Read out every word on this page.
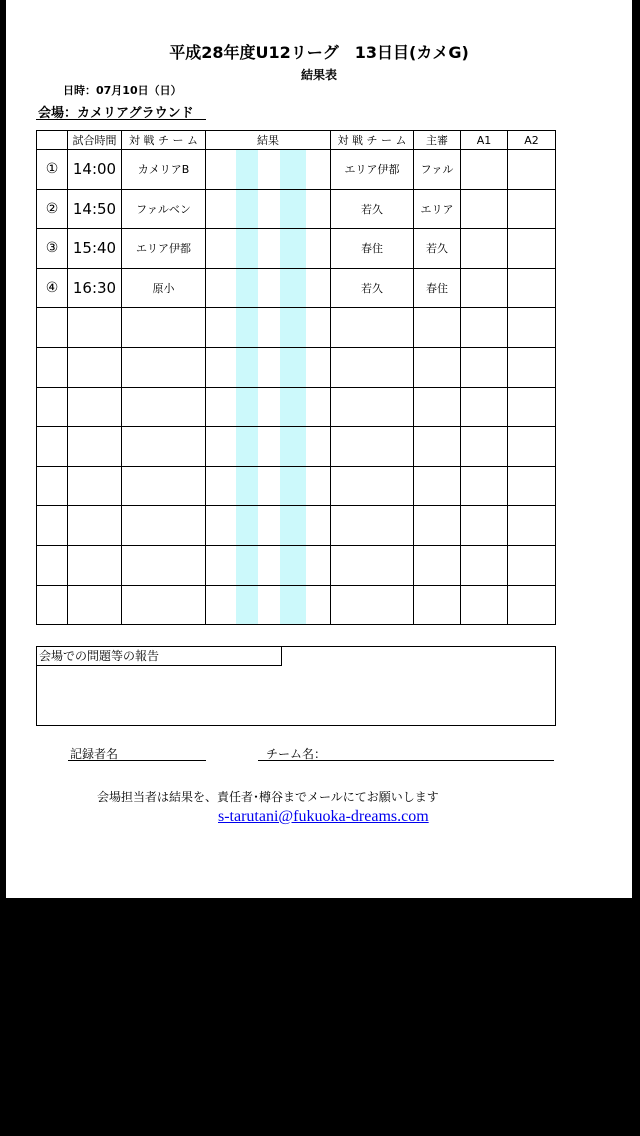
平成28年度U12リーグ　13日目(カメG)
結果表
日時：07月10日（日）
会場：カメリアグラウンド
	試合時間	対 戦 チ ー ム	結果	対 戦 チ ー ム	主審	A1	A2
①	14:00	カメリアB		エリア伊都	ファル		
②	14:50	ファルベン		若久	エリア		
③	15:40	エリア伊都		春住	若久		
④	16:30	原小		若久	春住		

会場での問題等の報告
記録者名	チーム名：
会場担当者は結果を、責任者･樽谷までメールにてお願いします
s-tarutani@fukuoka-dreams.com
